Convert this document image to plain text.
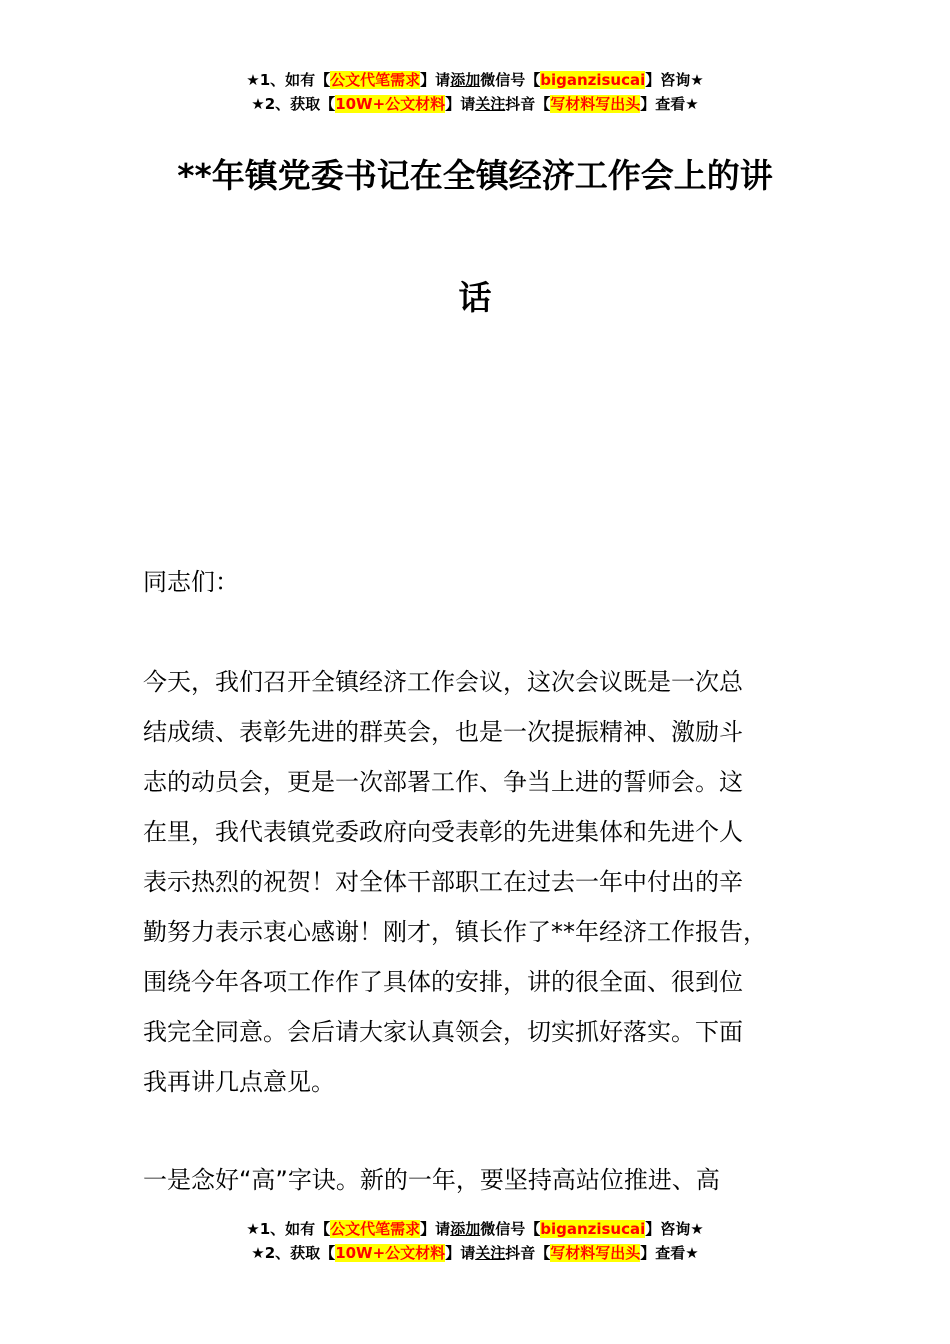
★1、如有【公文代笔需求】请添加微信号【biganzisucai】咨询★
★2、获取【10W+公文材料】请关注抖音【写材料写出头】查看★
**年镇党委书记在全镇经济工作会上的讲
话
同志们：
今天，我们召开全镇经济工作会议，这次会议既是一次总
结成绩、表彰先进的群英会，也是一次提振精神、激励斗
志的动员会，更是一次部署工作、争当上进的誓师会。这
在里，我代表镇党委政府向受表彰的先进集体和先进个人
表示热烈的祝贺！对全体干部职工在过去一年中付出的辛
勤努力表示衷心感谢！刚才，镇长作了**年经济工作报告，
围绕今年各项工作作了具体的安排，讲的很全面、很到位
我完全同意。会后请大家认真领会，切实抓好落实。下面
我再讲几点意见。
一是念好“高”字诀。新的一年，要坚持高站位推进、高
★1、如有【公文代笔需求】请添加微信号【biganzisucai】咨询★
★2、获取【10W+公文材料】请关注抖音【写材料写出头】查看★
